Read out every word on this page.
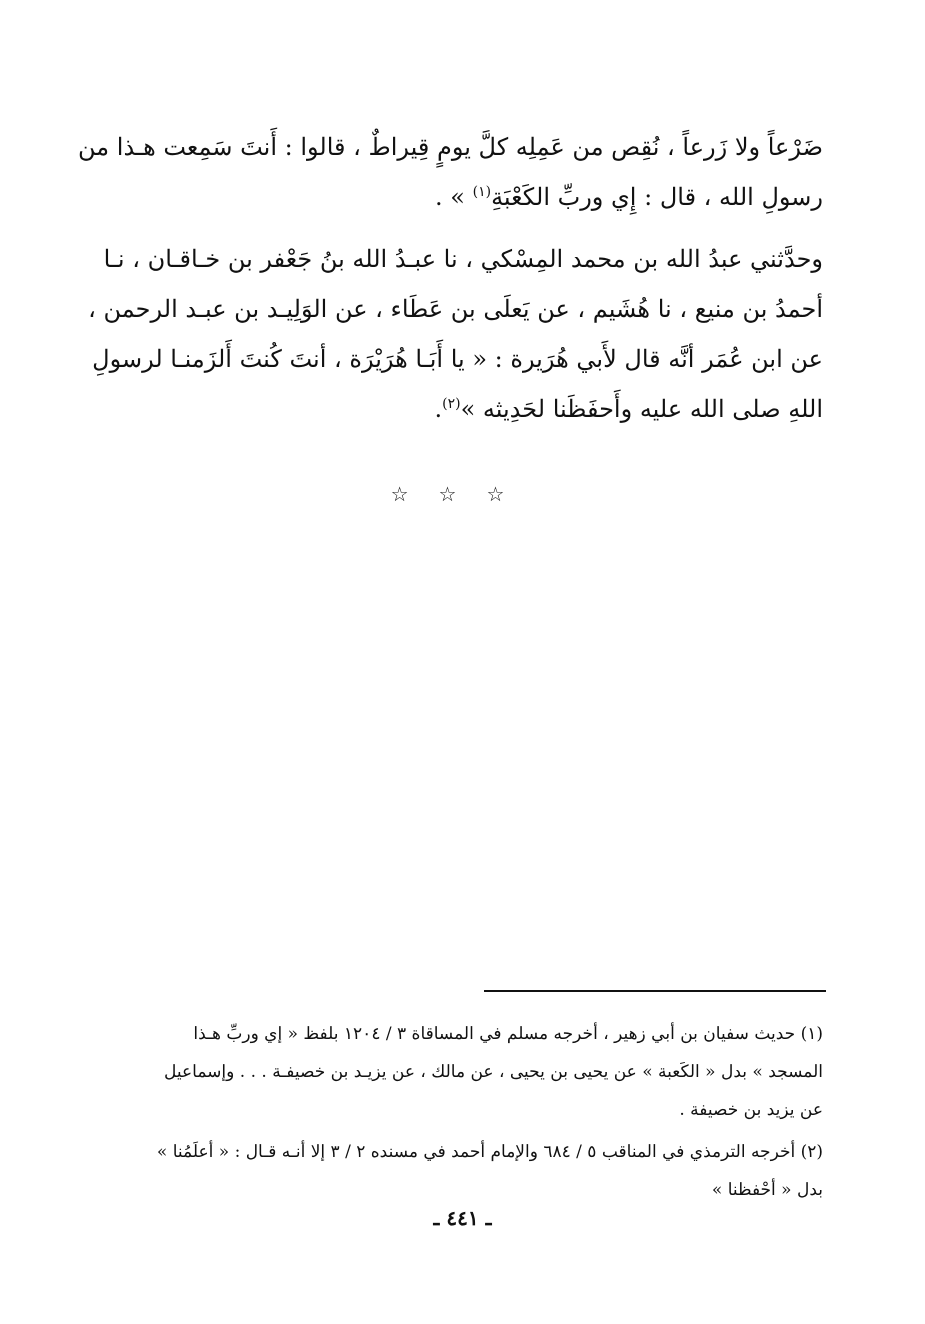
ضَرْعاً ولا زَرعاً ، نُقِص من عَمِلِه كلَّ يومٍ قِيراطٌ ، قالوا : أَنتَ سَمِعت هـذا من
رسولِ الله ، قال : إِي وربِّ الكَعْبَةِ$^{(١)}$ » .

وحدَّثني عبدُ الله بن محمد المِسْكي ، نا عبـدُ الله بنُ جَعْفر بن خـاقـان ، نـا
أحمدُ بن منيع ، نا هُشَيم ، عن يَعلَى بن عَطَاء ، عن الوَلِيـد بن عبـد الرحمن ،
عن ابن عُمَر أنَّه قال لأَبي هُرَيرة : « يا أَبَـا هُرَيْرَة ، أنتَ كُنتَ أَلزَمنـا لرسولِ
اللهِ صلى الله عليه وأَحفَظَنا لحَدِيثه »$^{(٢)}$.

☆☆☆

(١) حديث سفيان بن أبي زهير ، أخرجه مسلم في المساقاة ٣ / ١٢٠٤ بلفظ « إي وربِّ هـذا المسجد » بدل « الكَعبة » عن يحيى بن يحيى ، عن مالك ، عن يزيـد بن خصيفـة . . . وإسماعيل عن يزيد بن خصيفة .

(٢) أخرجه الترمذي في المناقب ٥ / ٦٨٤ والإمام أحمد في مسنده ٢ / ٣ إلا أنـه قـال : « أعلَمُنا » بدل « أحْفظنا »

ـ ٤٤١ ـ
